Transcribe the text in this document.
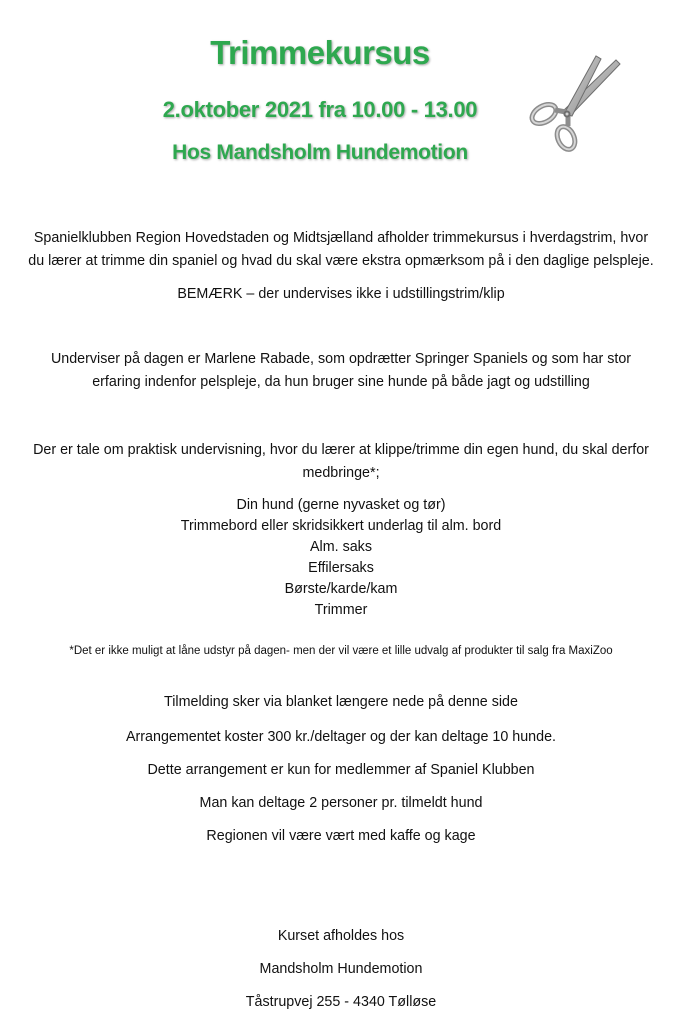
Trimmekursus
2.oktober 2021 fra 10.00 - 13.00
Hos Mandsholm Hundemotion
Spanielklubben Region Hovedstaden og Midtsjælland afholder trimmekursus i hverdagstrim, hvor
du lærer at trimme din spaniel og hvad du skal være ekstra opmærksom på i den daglige pelspleje.
BEMÆRK – der undervises ikke i udstillingstrim/klip
Underviser på dagen er Marlene Rabade, som opdrætter Springer Spaniels og som har stor
erfaring indenfor pelspleje, da hun bruger sine hunde på både jagt og udstilling
Der er tale om praktisk undervisning, hvor du lærer at klippe/trimme din egen hund, du skal derfor
medbringe*;
Din hund (gerne nyvasket og tør)
Trimmebord eller skridsikkert underlag til alm. bord
Alm. saks
Effilersaks
Børste/karde/kam
Trimmer
*Det er ikke muligt at låne udstyr på dagen- men der vil være et lille udvalg af produkter til salg fra MaxiZoo
Tilmelding sker via blanket længere nede på denne side
Arrangementet koster 300 kr./deltager og der kan deltage 10 hunde.
Dette arrangement er kun for medlemmer af Spaniel Klubben
Man kan deltage 2 personer pr. tilmeldt hund
Regionen vil være vært med kaffe og kage
Kurset afholdes hos
Mandsholm Hundemotion
Tåstrupvej 255 - 4340 Tølløse
